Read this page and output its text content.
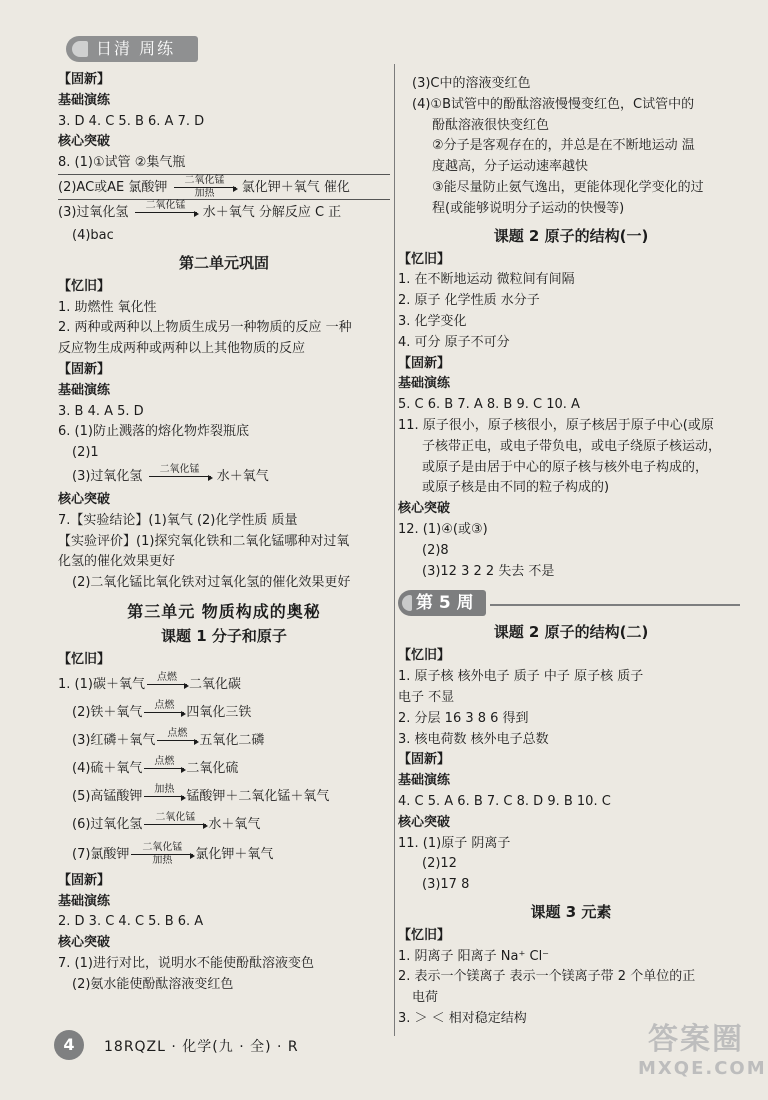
日清 周练
【固新】
基础演练
3. D 4. C 5. B 6. A 7. D
核心突破
8. (1)①试管 ②集气瓶
(2)AC或AE 氯酸钾	二氧化锰
加热	氯化钾＋氧气 催化
(3)过氧化氢	二氧化锰
	水＋氧气 分解反应 C 正
(4)bac
第二单元巩固
【忆旧】
1. 助燃性 氧化性
2. 两种或两种以上物质生成另一种物质的反应 一种
反应物生成两种或两种以上其他物质的反应
【固新】
基础演练
3. B 4. A 5. D
6. (1)防止溅落的熔化物炸裂瓶底
(2)1
(3)过氧化氢	二氧化锰
	水＋氧气
核心突破
7.【实验结论】(1)氧气 (2)化学性质 质量
【实验评价】(1)探究氧化铁和二氧化锰哪种对过氧
化氢的催化效果更好
(2)二氧化锰比氧化铁对过氧化氢的催化效果更好
第三单元 物质构成的奥秘
课题 1 分子和原子
【忆旧】
1. (1)碳＋氧气	点燃
二氧化碳
(2)铁＋氧气	点燃
四氧化三铁
(3)红磷＋氧气	点燃
五氧化二磷
(4)硫＋氧气	点燃
二氧化硫
(5)高锰酸钾	加热
锰酸钾＋二氧化锰＋氧气
(6)过氧化氢	二氧化锰
	水＋氧气
(7)氯酸钾	二氧化锰
加热	氯化钾＋氧气
【固新】
基础演练
2. D 3. C 4. C 5. B 6. A
核心突破
7. (1)进行对比，说明水不能使酚酞溶液变色
(2)氨水能使酚酞溶液变红色
(3)C中的溶液变红色
(4)①B试管中的酚酞溶液慢慢变红色，C试管中的
酚酞溶液很快变红色
②分子是客观存在的，并总是在不断地运动 温
度越高，分子运动速率越快
③能尽量防止氨气逸出，更能体现化学变化的过
程(或能够说明分子运动的快慢等)
课题 2 原子的结构(一)
【忆旧】
1. 在不断地运动 微粒间有间隔
2. 原子 化学性质 水分子
3. 化学变化
4. 可分 原子不可分
【固新】
基础演练
5. C 6. B 7. A 8. B 9. C 10. A
11. 原子很小，原子核很小，原子核居于原子中心(或原
子核带正电，或电子带负电，或电子绕原子核运动，
或原子是由居于中心的原子核与核外电子构成的，
或原子核是由不同的粒子构成的)
核心突破
12. (1)④(或③)
(2)8
(3)12 3 2 2 失去 不是
第 5 周
课题 2 原子的结构(二)
【忆旧】
1. 原子核 核外电子 质子 中子 原子核 质子
电子 不显
2. 分层 16 3 8 6 得到
3. 核电荷数 核外电子总数
【固新】
基础演练
4. C 5. A 6. B 7. C 8. D 9. B 10. C
核心突破
11. (1)原子 阴离子
(2)12
(3)17 8
课题 3 元素
【忆旧】
1. 阴离子 阳离子 Na⁺ Cl⁻
2. 表示一个镁离子 表示一个镁离子带 2 个单位的正
电荷
3. ＞ ＜ 相对稳定结构
4	18RQZL · 化学(九 · 全) · R	答案圈
MXQE.COM
